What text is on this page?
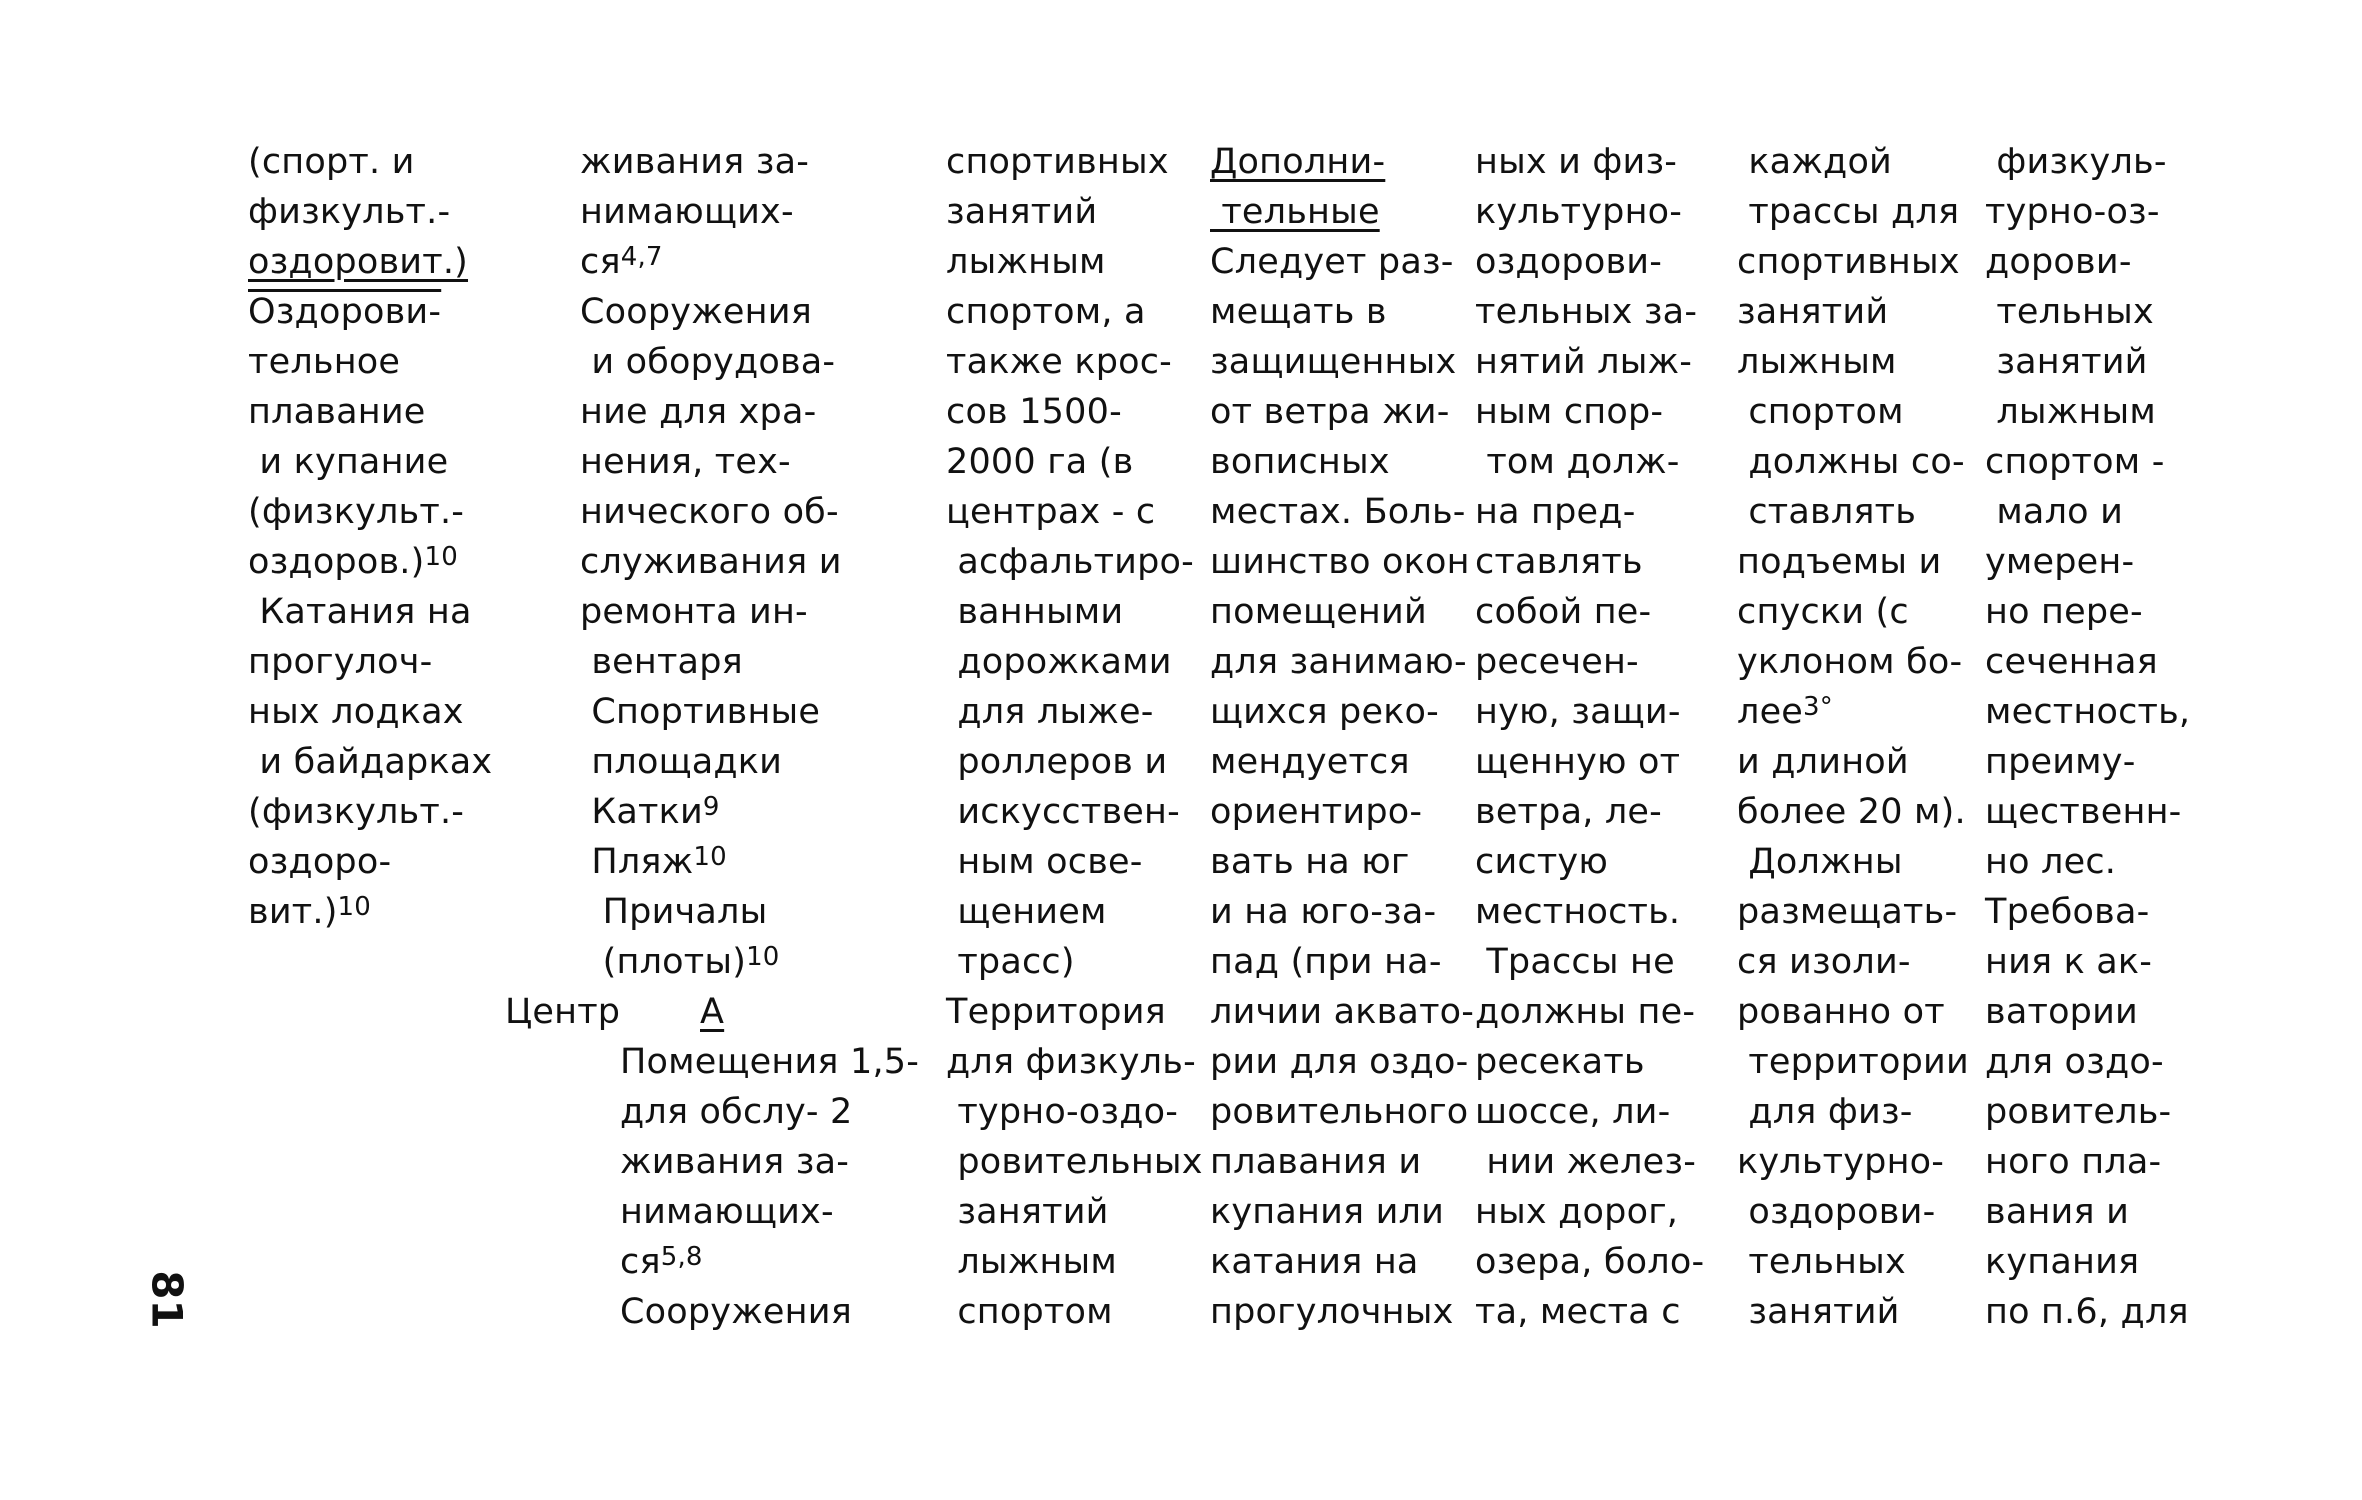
(спорт. и
физкульт.-
оздоровит.)
Оздорови-
тельное
плавание
и купание
(физкульт.-
оздоров.)$^{10}$
Катания на
прогулоч-
ных лодках
и байдарках
(физкульт.-
оздоро-
вит.)$^{10}$
живания за-
нимающих-
ся$^{4,7}$
Сооружения
и оборудова-
ние для хра-
нения, тех-
нического об-
служивания и
ремонта ин-
вентаря
Спортивные
площадки
Катки$^9$
Пляж$^{10}$
Причалы
(плоты)$^{10}$
Центр А
Помещения 1,5-
для обслу- 2
живания за-
нимающих-
ся$^{5,8}$
Сооружения
спортивных
занятий
лыжным
спортом, а
также крос-
сов 1500-
2000 га (в
центрах - с
асфальтиро-
ванными
дорожками
для лыже-
роллеров и
искусствен-
ным осве-
щением
трасс)
Территория
для физкуль-
турно-оздо-
ровительных
занятий
лыжным
спортом
Дополни-
тельные
Следует раз-
мещать в
защищенных
от ветра жи-
вописных
местах. Боль-
шинство окон
помещений
для занимаю-
щихся реко-
мендуется
ориентиро-
вать на юг
и на юго-за-
пад (при на-
личии аквато-
рии для оздо-
ровительного
плавания и
купания или
катания на
прогулочных
ных и физ-
культурно-
оздорови-
тельных за-
нятий лыж-
ным спор-
том долж-
на пред-
ставлять
собой пе-
ресечен-
ную, защи-
щенную от
ветра, ле-
систую
местность.
Трассы не
должны пе-
ресекать
шоссе, ли-
нии желез-
ных дорог,
озера, боло-
та, места с
каждой
трассы для
спортивных
занятий
лыжным
спортом
должны со-
ставлять
подъемы и
спуски (с
уклоном бо-
лее$^{3^\circ}$
и длиной
более 20 м).
Должны
размещать-
ся изоли-
рованно от
территории
для физ-
культурно-
оздорови-
тельных
занятий
физкуль-
турно-оз-
дорови-
тельных
занятий
лыжным
спортом -
мало и
умерен-
но пере-
сеченная
местность,
преиму-
щественн-
но лес.
Требова-
ния к ак-
ватории
для оздо-
ровитель-
ного пла-
вания и
купания
по п.6, для
81
